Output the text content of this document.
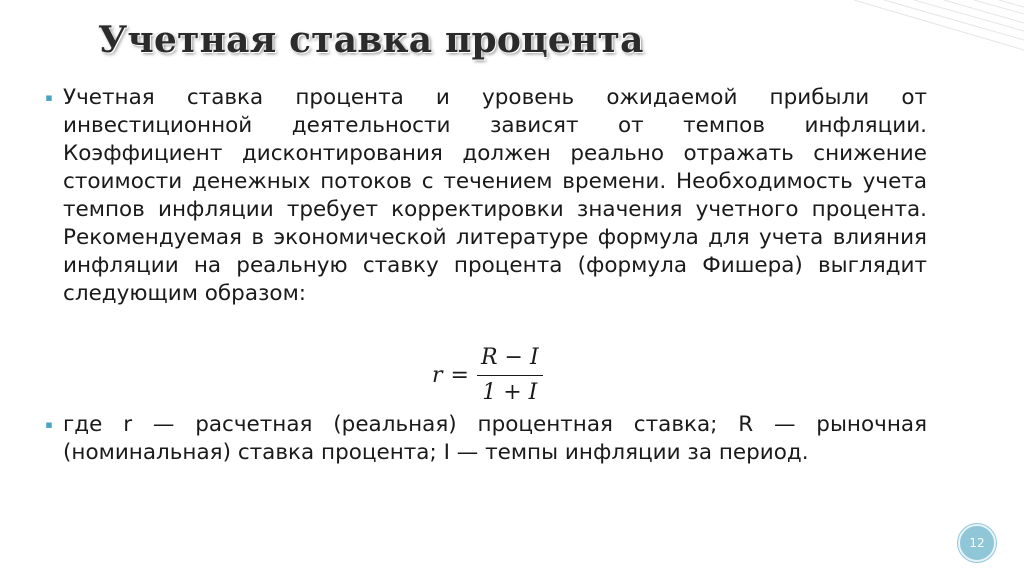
Учетная ставка процента
▪ Учетная ставка процента и уровень ожидаемой прибыли от инвестиционной деятельности зависят от темпов инфляции. Коэффициент дисконтирования должен реально отражать снижение стоимости денежных потоков с течением времени. Необходимость учета темпов инфляции требует корректировки значения учетного процента. Рекомендуемая в экономической литературе формула для учета влияния инфляции на реальную ставку процента (формула Фишера) выглядит следующим образом:

$r = \frac{R - I}{1 + I}$
▪ где r — расчетная (реальная) процентная ставка; R — рыночная (номинальная) ставка процента; I — темпы инфляции за период.

12
